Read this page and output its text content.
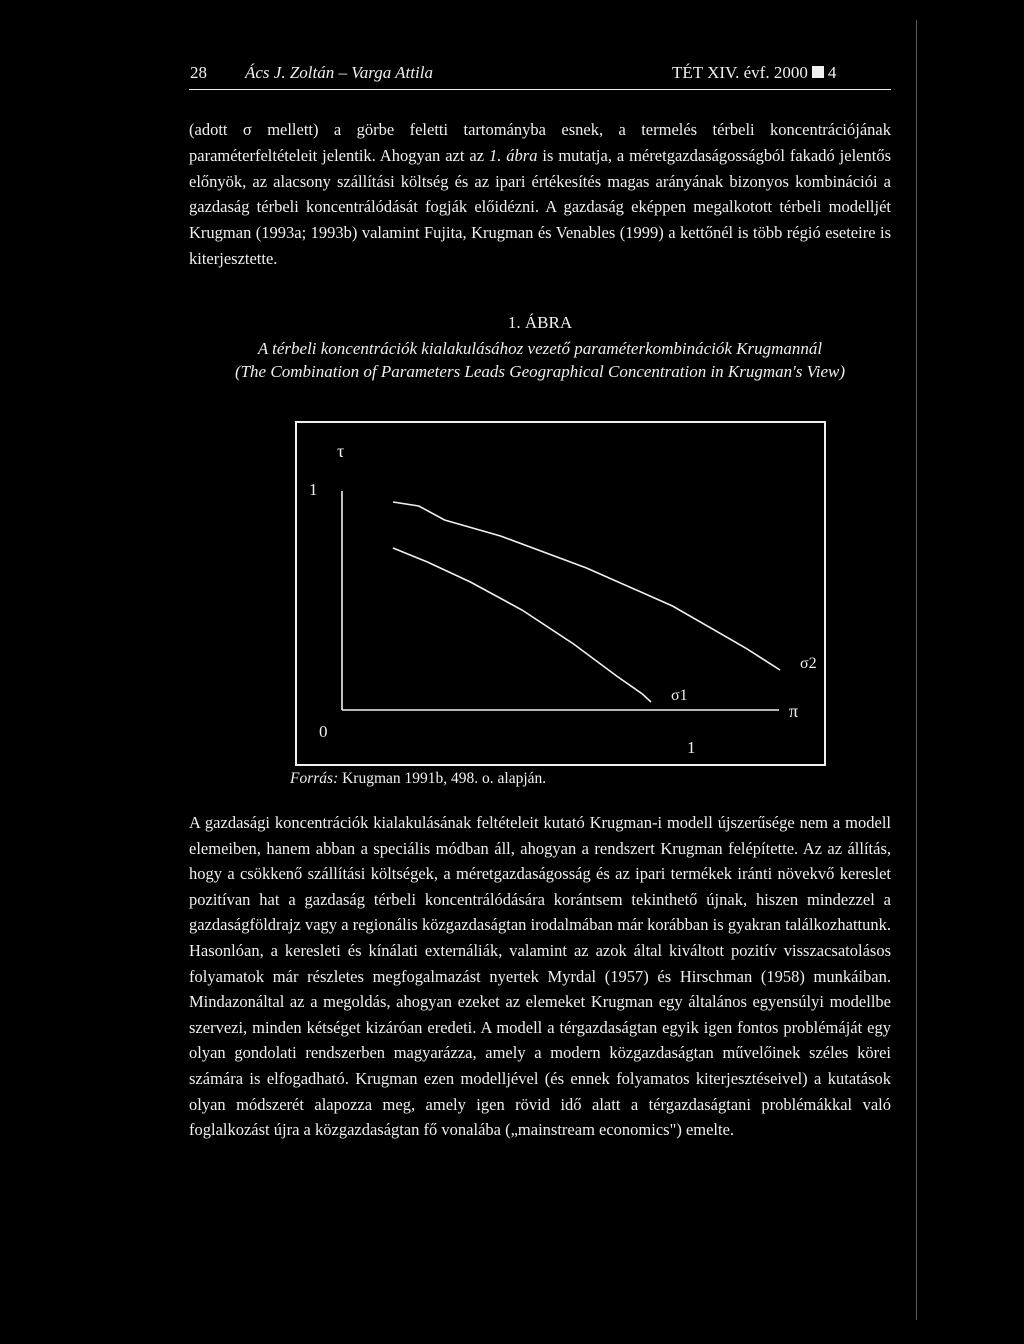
28 Ács J. Zoltán – Varga Attila	TÉT XIV. évf. 2000 4

(adott σ mellett) a görbe feletti tartományba esnek, a termelés térbeli koncentrációjának paraméterfeltételeit jelentik. Ahogyan azt az 1. ábra is mutatja, a méretgazdaságosságból fakadó jelentős előnyök, az alacsony szállítási költség és az ipari értékesítés magas arányának bizonyos kombinációi a gazdaság térbeli koncentrálódását fogják előidézni. A gazdaság eképpen megalkotott térbeli modelljét Krugman (1993a; 1993b) valamint Fujita, Krugman és Venables (1999) a kettőnél is több régió eseteire is kiterjesztette.

1. ÁBRA
A térbeli koncentrációk kialakulásához vezető paraméterkombinációk Krugmannál
(The Combination of Parameters Leads Geographical Concentration in Krugman's View)
τ
1
0
1
π
σ1
σ2
Forrás: Krugman 1991b, 498. o. alapján.

A gazdasági koncentrációk kialakulásának feltételeit kutató Krugman-i modell újszerűsége nem a modell elemeiben, hanem abban a speciális módban áll, ahogyan a rendszert Krugman felépítette. Az az állítás, hogy a csökkenő szállítási költségek, a méretgazdaságosság és az ipari termékek iránti növekvő kereslet pozitívan hat a gazdaság térbeli koncentrálódására korántsem tekinthető újnak, hiszen mindezzel a gazdaságföldrajz vagy a regionális közgazdaságtan irodalmában már korábban is gyakran találkozhattunk. Hasonlóan, a keresleti és kínálati externáliák, valamint az azok által kiváltott pozitív visszacsatolásos folyamatok már részletes megfogalmazást nyertek Myrdal (1957) és Hirschman (1958) munkáiban. Mindazonáltal az a megoldás, ahogyan ezeket az elemeket Krugman egy általános egyensúlyi modellbe szervezi, minden kétséget kizáróan eredeti. A modell a térgazdaságtan egyik igen fontos problémáját egy olyan gondolati rendszerben magyarázza, amely a modern közgazdaságtan művelőinek széles körei számára is elfogadható. Krugman ezen modelljével (és ennek folyamatos kiterjesztéseivel) a kutatások olyan módszerét alapozza meg, amely igen rövid idő alatt a térgazdaságtani problémákkal való foglalkozást újra a közgazdaságtan fő vonalába („mainstream economics") emelte.
